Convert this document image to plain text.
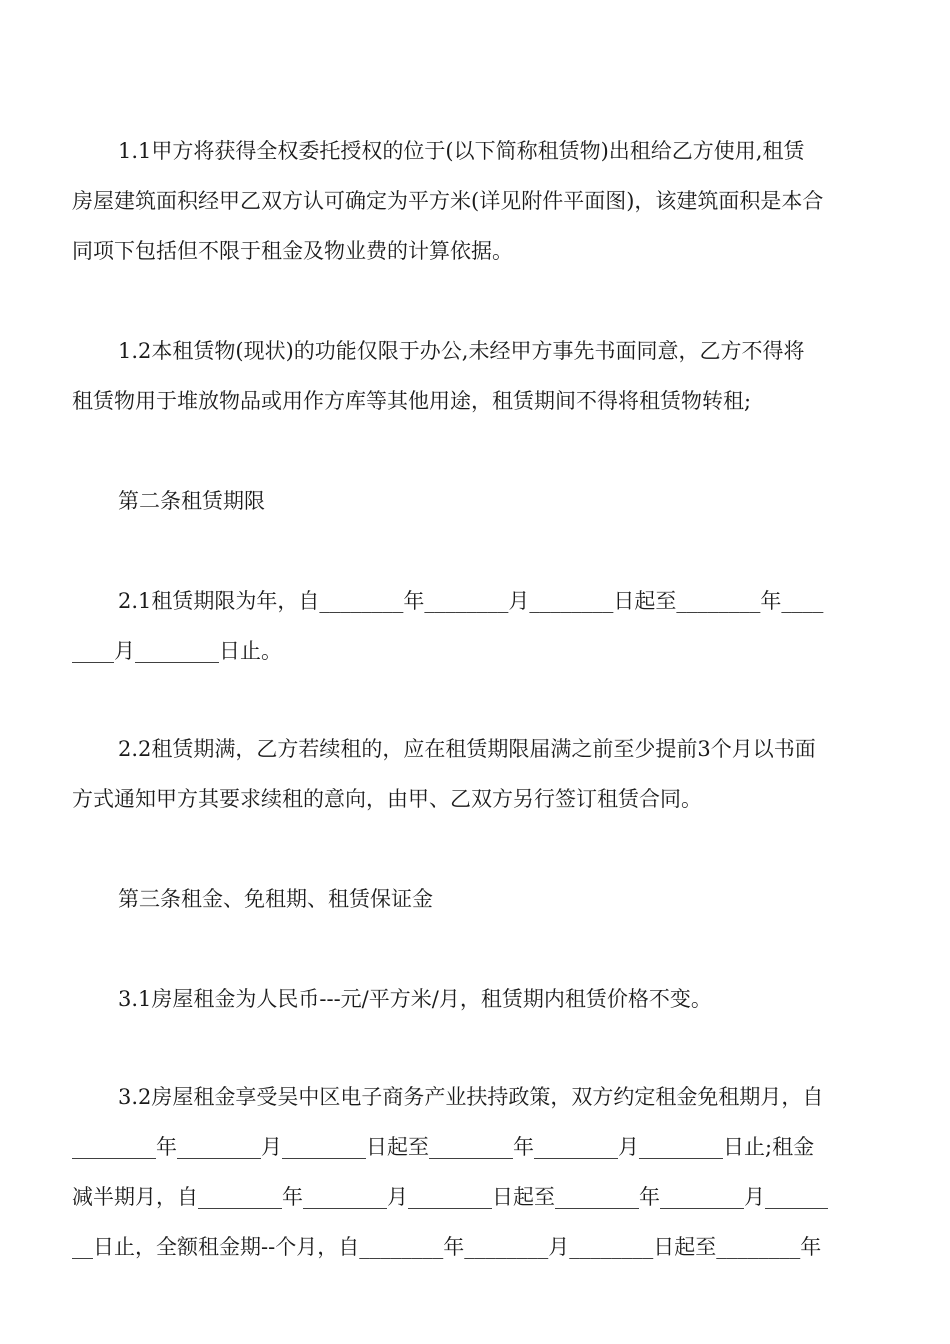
1.1甲方将获得全权委托授权的位于(以下简称租赁物)出租给乙方使用,租赁
房屋建筑面积经甲乙双方认可确定为平方米(详见附件平面图)，该建筑面积是本合
同项下包括但不限于租金及物业费的计算依据。
1.2本租赁物(现状)的功能仅限于办公,未经甲方事先书面同意，乙方不得将
租赁物用于堆放物品或用作方库等其他用途，租赁期间不得将租赁物转租;
第二条租赁期限
2.1租赁期限为年，自________年________月________日起至________年____
____月________日止。
2.2租赁期满，乙方若续租的，应在租赁期限届满之前至少提前3个月以书面
方式通知甲方其要求续租的意向，由甲、乙双方另行签订租赁合同。
第三条租金、免租期、租赁保证金
3.1房屋租金为人民币---元/平方米/月，租赁期内租赁价格不变。
3.2房屋租金享受吴中区电子商务产业扶持政策，双方约定租金免租期月，自
________年________月________日起至________年________月________日止;租金
减半期月，自________年________月________日起至________年________月______
__日止，全额租金期--个月，自________年________月________日起至________年
